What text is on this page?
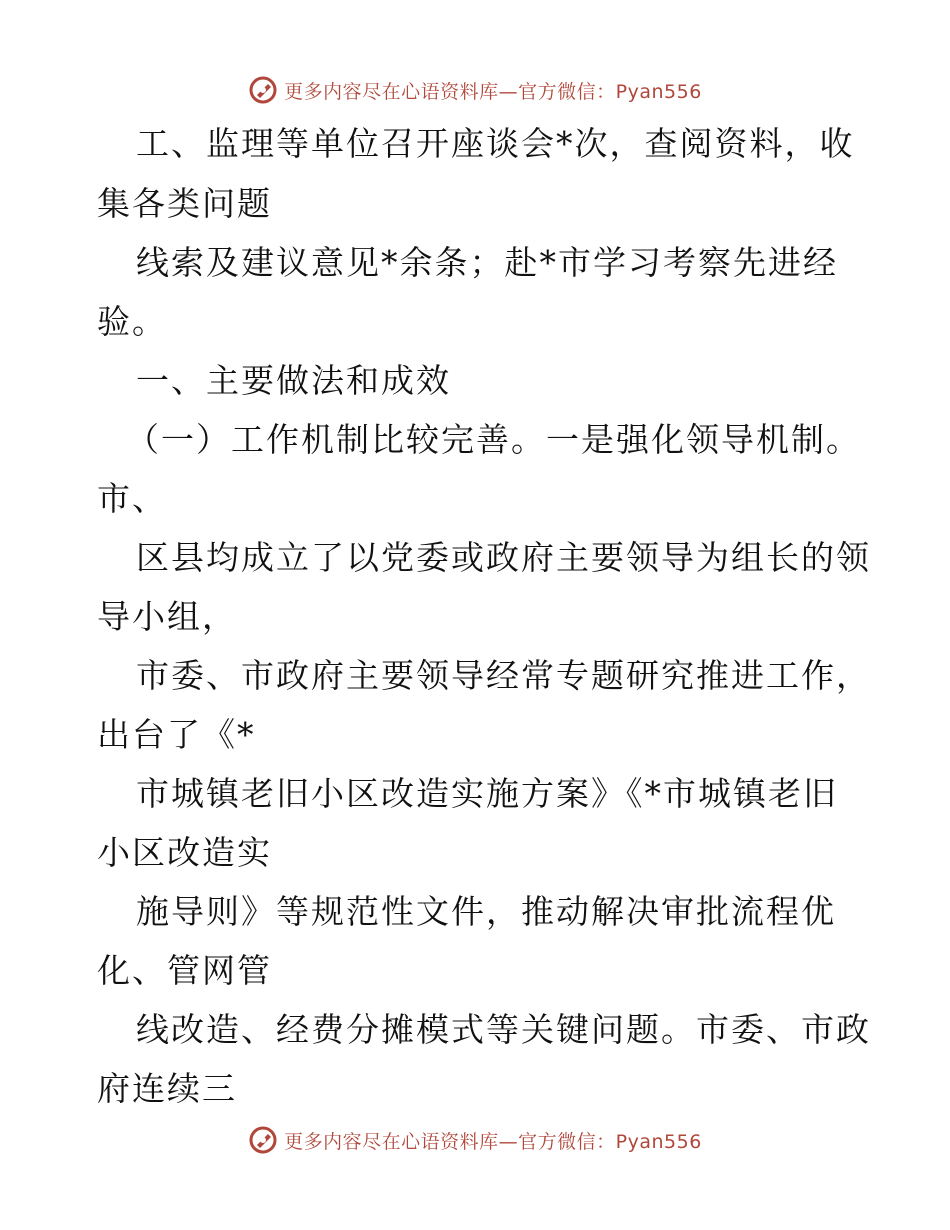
更多内容尽在心语资料库—官方微信：Pyan556
工、监理等单位召开座谈会*次，查阅资料，收
集各类问题
线索及建议意见*余条；赴*市学习考察先进经
验。
一、主要做法和成效
（一）工作机制比较完善。一是强化领导机制。
市、
区县均成立了以党委或政府主要领导为组长的领
导小组，
市委、市政府主要领导经常专题研究推进工作，
出台了《*
市城镇老旧小区改造实施方案》《*市城镇老旧
小区改造实
施导则》等规范性文件，推动解决审批流程优
化、管网管
线改造、经费分摊模式等关键问题。市委、市政
府连续三
更多内容尽在心语资料库—官方微信：Pyan556
